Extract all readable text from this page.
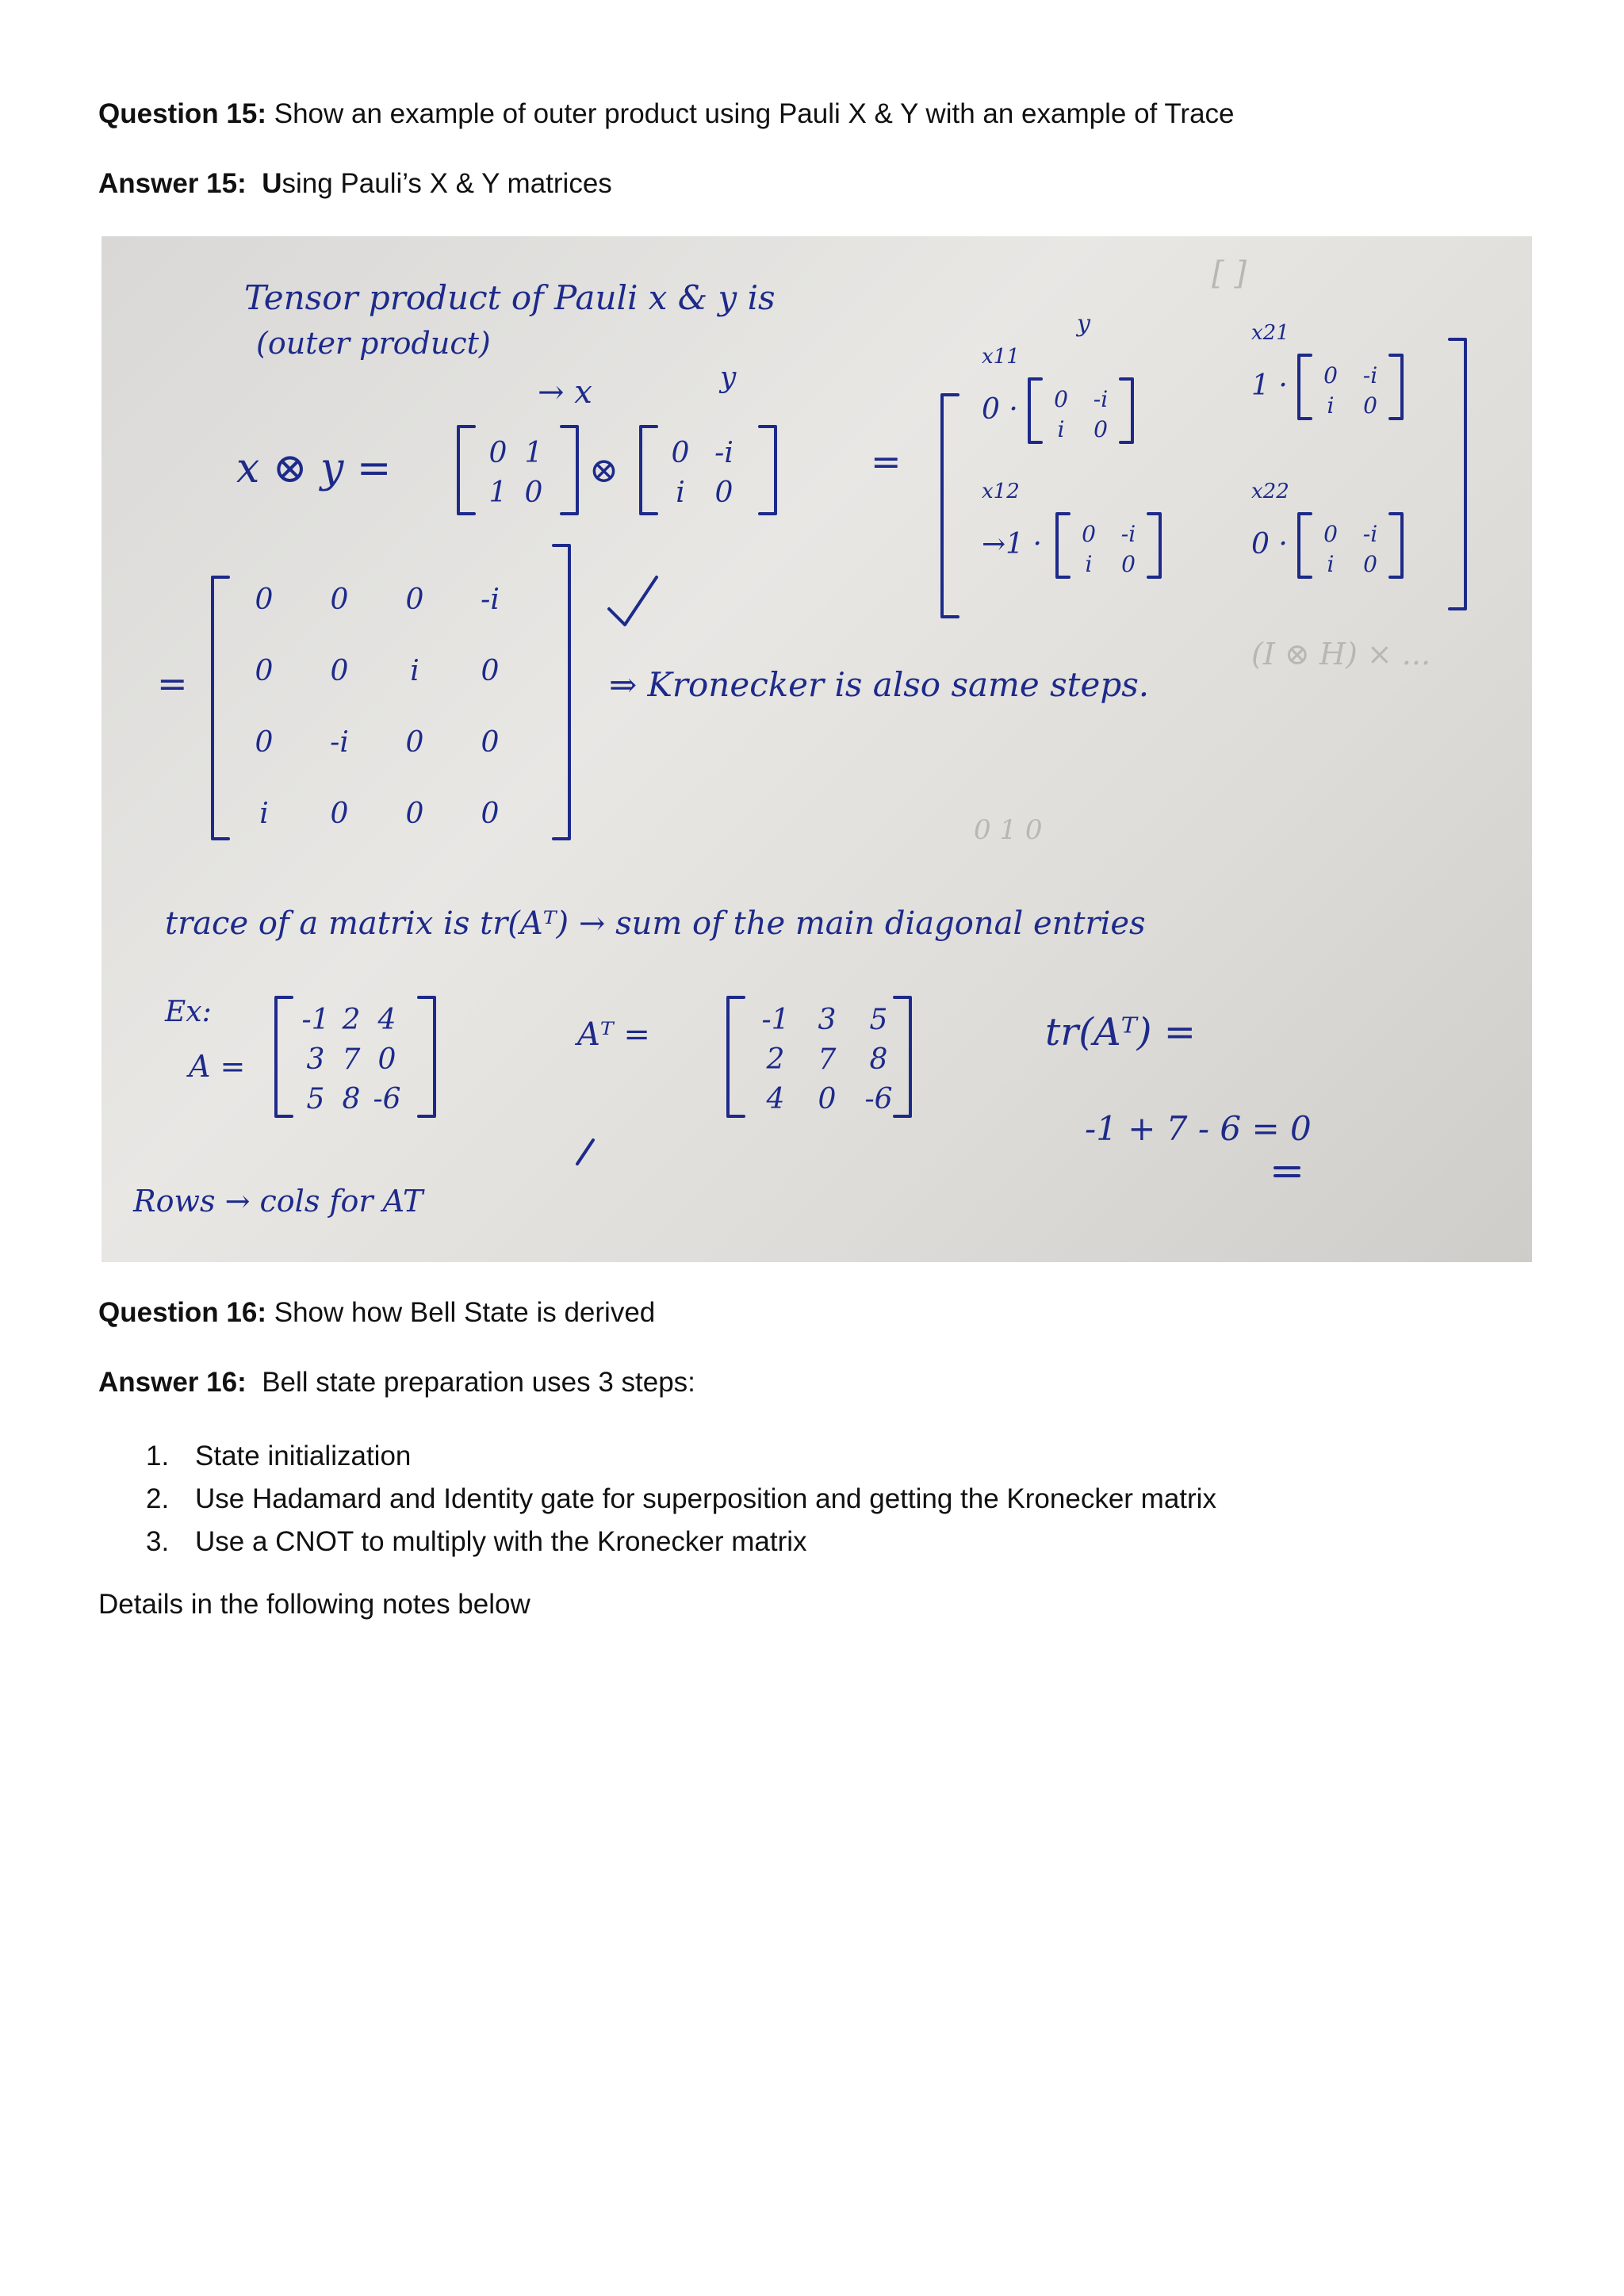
Question 15: Show an example of outer product using Pauli X & Y with an example of Trace
Answer 15: Using Pauli’s X & Y matrices
[ ]
(I ⊗ H) × ...
0 1 0
Tensor product of Pauli x & y is
(outer product)
→ x	y
x ⊗ y =	0 1
1 0
⊗ 0 -i
i 0
=
y
x11
0 · 0 -i
i 0
x21
1 · 0 -i
i 0
x12
→1 · 0 -i
i 0
x22
0 · 0 -i
i 0
=
0 0 0 -i
0 0 i 0
0 -i 0 0
i 0 0 0
⇒ Kronecker is also same steps.
trace of a matrix is tr(Aᵀ) → sum of the main diagonal entries
Ex:
A =
-1 2 4
3 7 0
5 8 -6
Aᵀ =	-1 3 5
2 7 8
4 0 -6
tr(Aᵀ) =
-1 + 7 - 6 = 0
Rows → cols for AT
Question 16: Show how Bell State is derived
Answer 16: Bell state preparation uses 3 steps:
1. State initialization
2. Use Hadamard and Identity gate for superposition and getting the Kronecker matrix
3. Use a CNOT to multiply with the Kronecker matrix
Details in the following notes below
